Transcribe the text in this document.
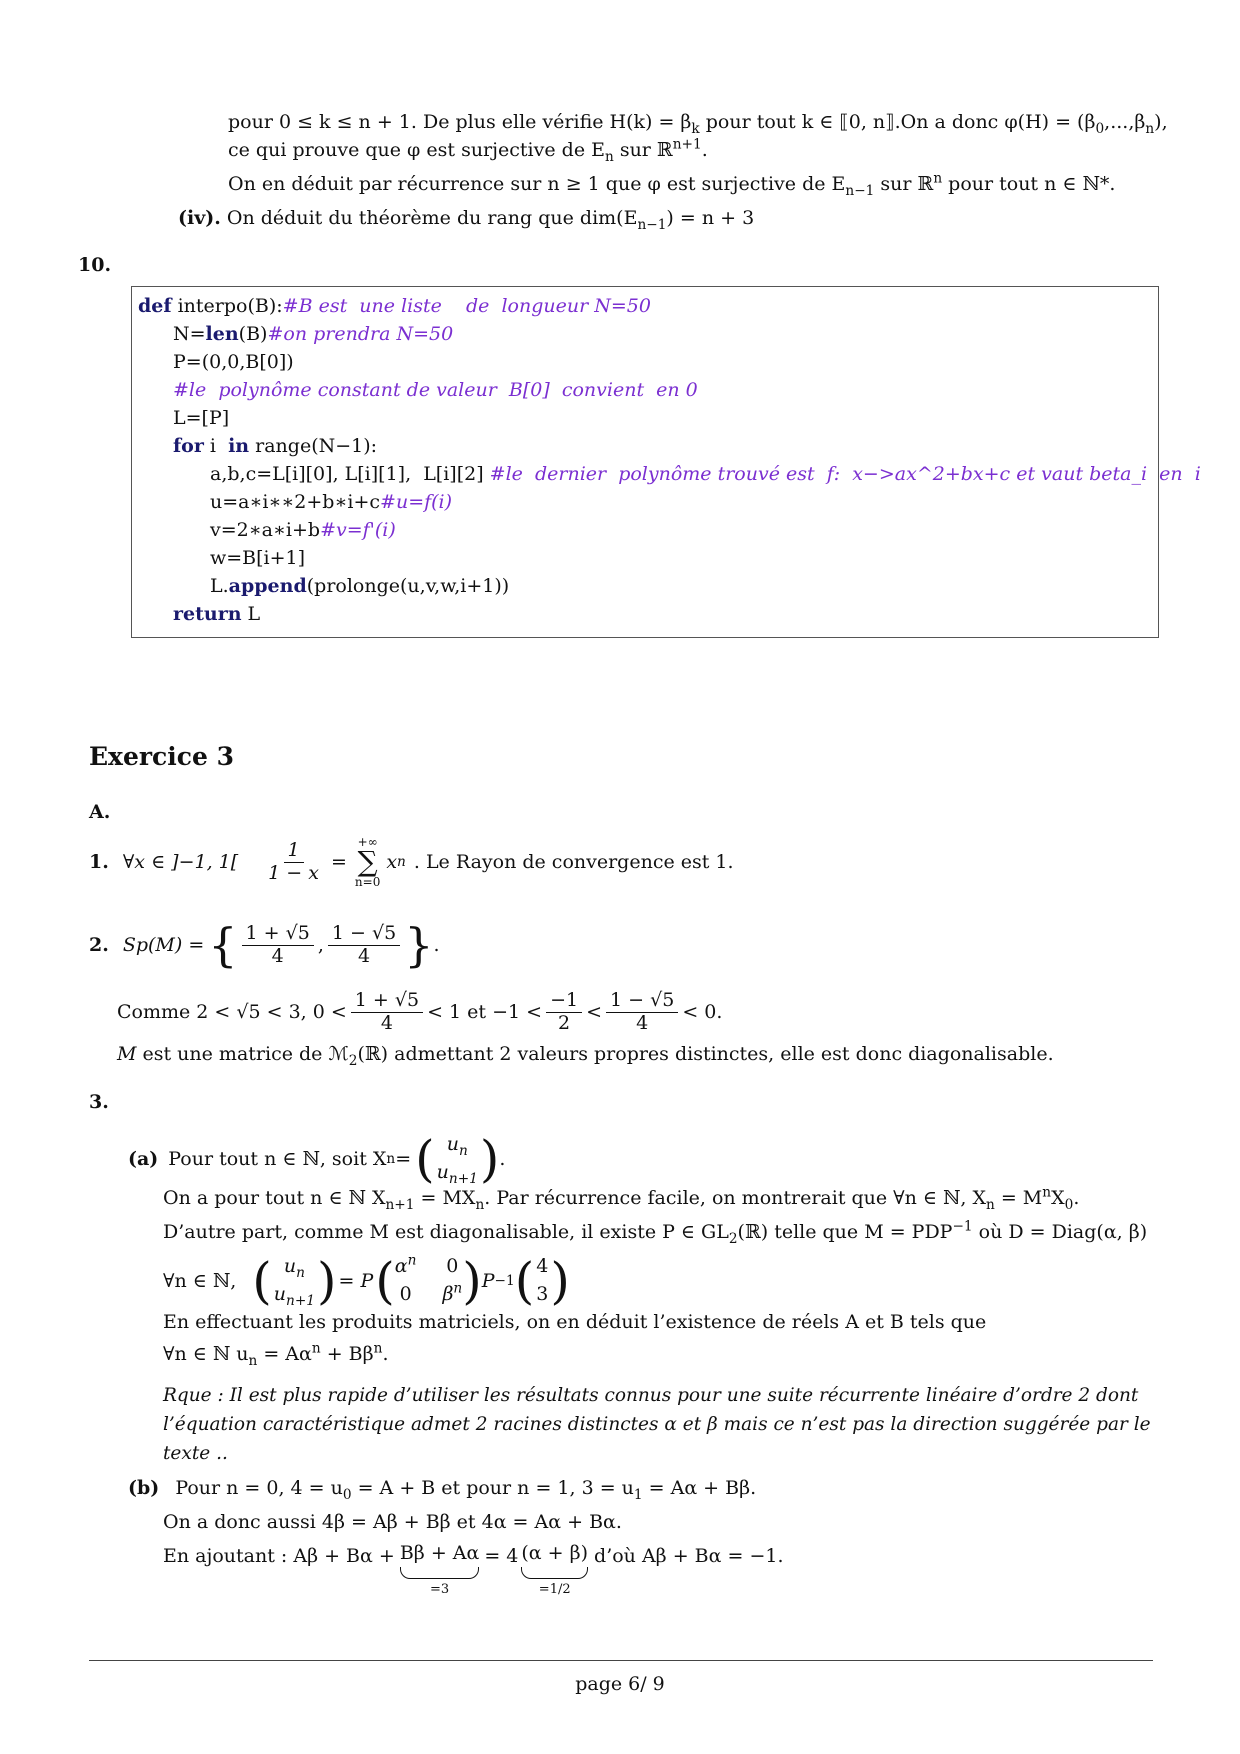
pour 0 ≤ k ≤ n + 1. De plus elle vérifie $H(k) = \beta_k$ pour tout k ∈ ⟦0, n⟧.On a donc $\varphi(H) = (\beta_0,...,\beta_n)$,
ce qui prouve que φ est surjective de $E_n$ sur ℝ$^{n+1}$.
On en déduit par récurrence sur n ≥ 1 que φ est surjective de $E_{n-1}$ sur ℝ$^n$ pour tout n ∈ ℕ*.
(iv). On déduit du théorème du rang que $dim(E_{n-1}) = n + 3$
10.
def interpo(B):#B est  une liste    de  longueur N=50
N=len(B)#on prendra N=50
P=(0,0,B[0])
#le  polynôme constant de valeur  B[0]  convient  en 0
L=[P]
for i  in range(N−1):
a,b,c=L[i][0], L[i][1],  L[i][2] #le  dernier  polynôme trouvé est  f:  x−>ax^2+bx+c et vaut beta_i  en  i
u=a∗i∗∗2+b∗i+c#u=f(i)
v=2∗a∗i+b#v=f'(i)
w=B[i+1]
L.append(prolonge(u,v,w,i+1))
return L
Exercice 3
A.
1. ∀x ∈ ]−1, $1[ \frac{1}{1 - x}$ =
+∞
∑
n=0
x n . Le Rayon de convergence est 1.
2. Sp(M) = { $\frac{1 + √5}{4}$ , $\frac{1 - √5}{4}$ } .
Comme 2 < √5 < 3, $0 < \frac{1 + √5}{4} < 1$ et $-1 < \frac{-1}{2} < \frac{1 - √5}{4} < 0$.
M est une matrice de ℳ$_2$(ℝ) admettant 2 valeurs propres distinctes, elle est donc diagonalisable.
3.
(a) Pour tout n ∈ ℕ, soit X n = ( $u_n$
$u_{n+1}$ ) .
On a pour tout n ∈ ℕ $X_{n+1} = MX_n$. Par récurrence facile, on montrerait que ∀n ∈ ℕ, $X_n = M^nX_0$.
D’autre part, comme M est diagonalisable, il existe P ∈ $GL_2(ℝ)$ telle que $M = PDP^{-1}$ où D = Diag(α, β)
∀n ∈ ℕ, ( $u_n$
$u_{n+1}$ ) = P ( $\alpha^n$ 0
0 $\beta^n$ ) P −1 ( 4
3 )
En effectuant les produits matriciels, on en déduit l’existence de réels A et B tels que
∀n ∈ ℕ $u_n = A\alpha^n + B\beta^n$.
Rque : Il est plus rapide d’utiliser les résultats connus pour une suite récurrente linéaire d’ordre 2 dont
l’équation caractéristique admet 2 racines distinctes α et β mais ce n’est pas la direction suggérée par le
texte ..
(b) Pour n = 0, $4 = u_0 = A + B$ et pour n = 1, $3 = u_1 = A\alpha + B\beta$.
On a donc aussi 4β = Aβ + Bβ et 4α = Aα + Bα.
En ajoutant : Aβ + Bα + Bβ + Aα
=3
= 4 (α + β)
=1/2
d’où Aβ + Bα = −1.
page 6/ 9
